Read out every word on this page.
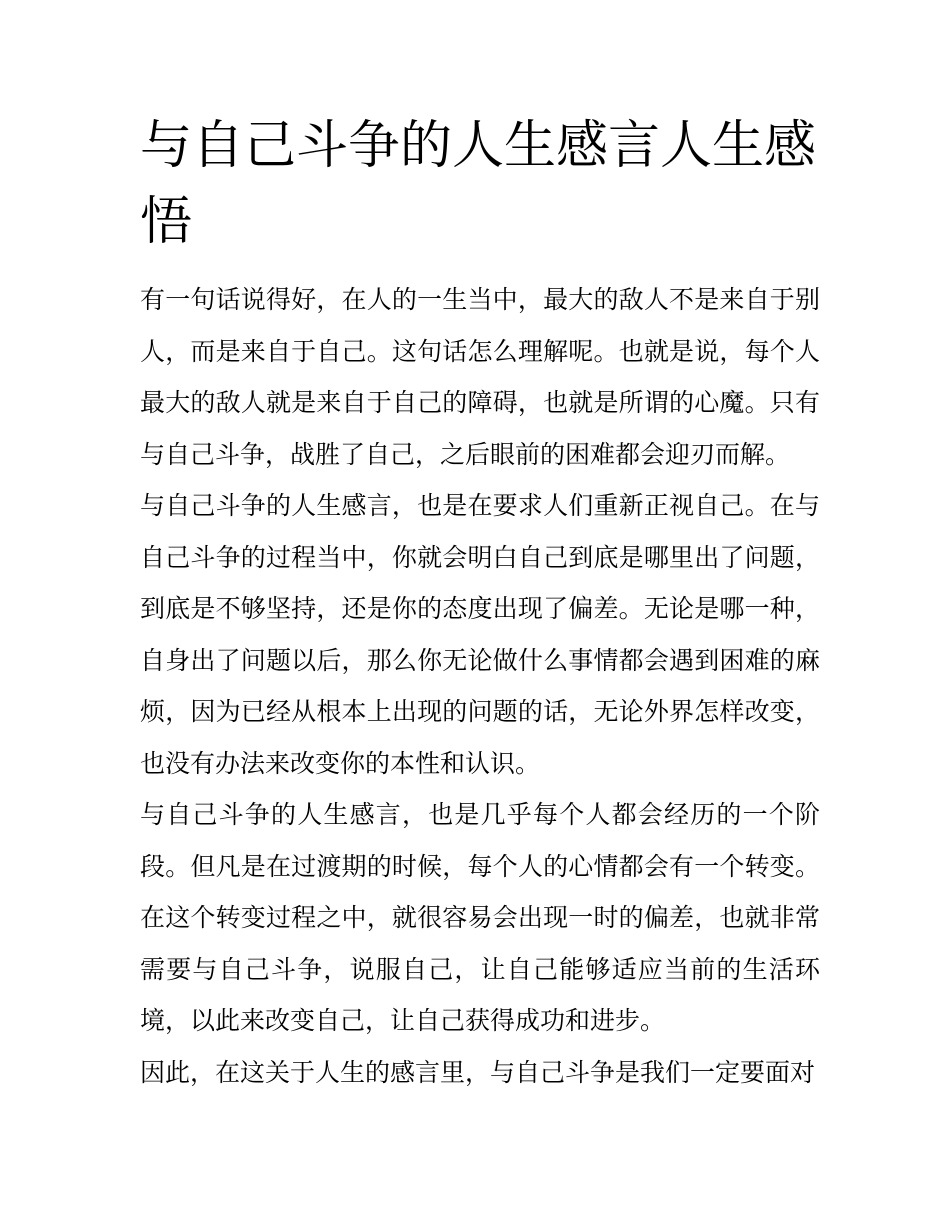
与自己斗争的人生感言人生感悟

有一句话说得好，在人的一生当中，最大的敌人不是来自于别人，而是来自于自己。这句话怎么理解呢。也就是说，每个人最大的敌人就是来自于自己的障碍，也就是所谓的心魔。只有与自己斗争，战胜了自己，之后眼前的困难都会迎刃而解。

与自己斗争的人生感言，也是在要求人们重新正视自己。在与自己斗争的过程当中，你就会明白自己到底是哪里出了问题，到底是不够坚持，还是你的态度出现了偏差。无论是哪一种，自身出了问题以后，那么你无论做什么事情都会遇到困难的麻烦，因为已经从根本上出现的问题的话，无论外界怎样改变，也没有办法来改变你的本性和认识。

与自己斗争的人生感言，也是几乎每个人都会经历的一个阶段。但凡是在过渡期的时候，每个人的心情都会有一个转变。在这个转变过程之中，就很容易会出现一时的偏差，也就非常需要与自己斗争，说服自己，让自己能够适应当前的生活环境，以此来改变自己，让自己获得成功和进步。

因此，在这关于人生的感言里，与自己斗争是我们一定要面对
